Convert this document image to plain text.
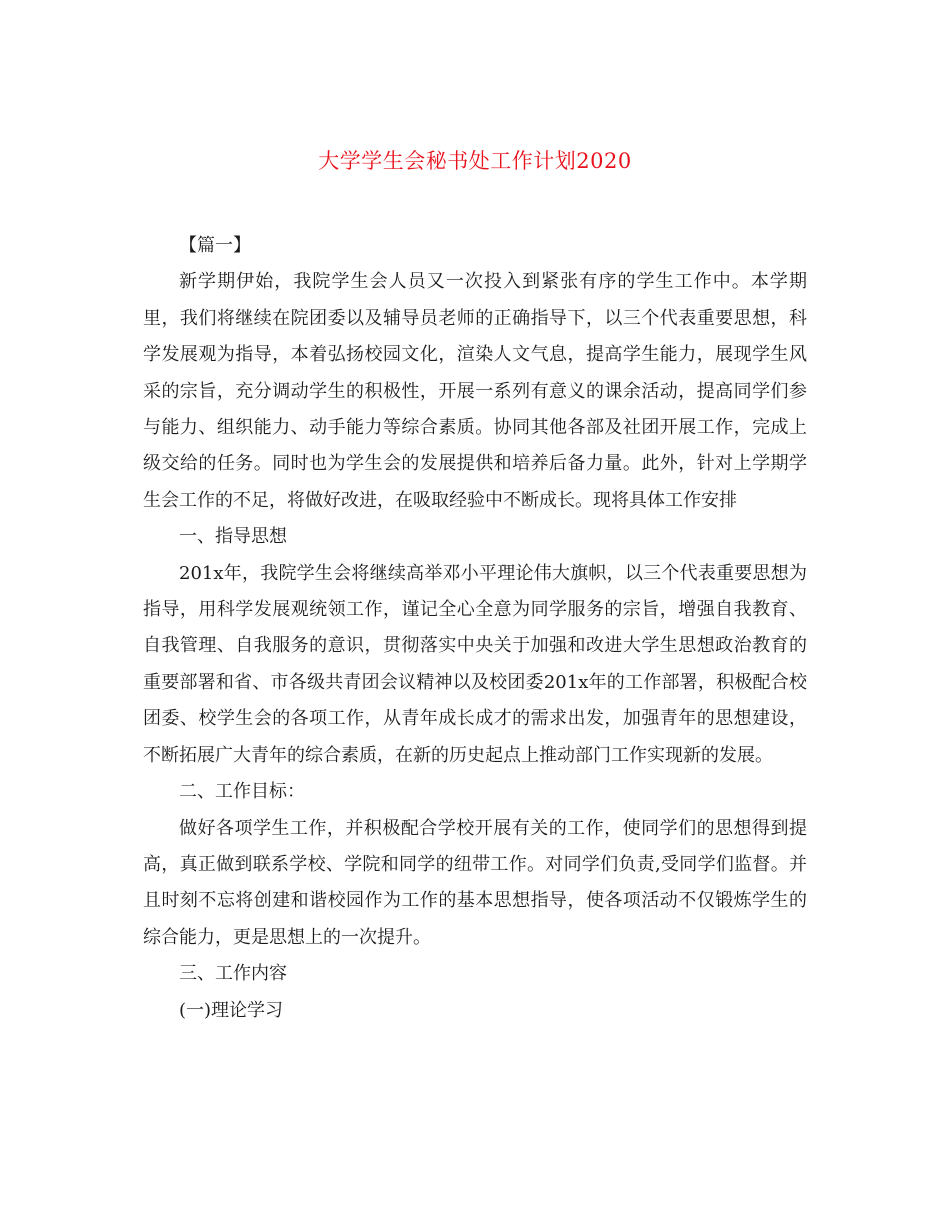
大学学生会秘书处工作计划2020

【篇一】

新学期伊始，我院学生会人员又一次投入到紧张有序的学生工作中。本学期里，我们将继续在院团委以及辅导员老师的正确指导下，以三个代表重要思想，科学发展观为指导，本着弘扬校园文化，渲染人文气息，提高学生能力，展现学生风采的宗旨，充分调动学生的积极性，开展一系列有意义的课余活动，提高同学们参与能力、组织能力、动手能力等综合素质。协同其他各部及社团开展工作，完成上级交给的任务。同时也为学生会的发展提供和培养后备力量。此外，针对上学期学生会工作的不足，将做好改进，在吸取经验中不断成长。现将具体工作安排

一、指导思想

201x年，我院学生会将继续高举邓小平理论伟大旗帜，以三个代表重要思想为指导，用科学发展观统领工作，谨记全心全意为同学服务的宗旨，增强自我教育、自我管理、自我服务的意识，贯彻落实中央关于加强和改进大学生思想政治教育的重要部署和省、市各级共青团会议精神以及校团委201x年的工作部署，积极配合校团委、校学生会的各项工作，从青年成长成才的需求出发，加强青年的思想建设，不断拓展广大青年的综合素质，在新的历史起点上推动部门工作实现新的发展。

二、工作目标：

做好各项学生工作，并积极配合学校开展有关的工作，使同学们的思想得到提高，真正做到联系学校、学院和同学的纽带工作。对同学们负责,受同学们监督。并且时刻不忘将创建和谐校园作为工作的基本思想指导，使各项活动不仅锻炼学生的综合能力，更是思想上的一次提升。

三、工作内容

(一)理论学习
